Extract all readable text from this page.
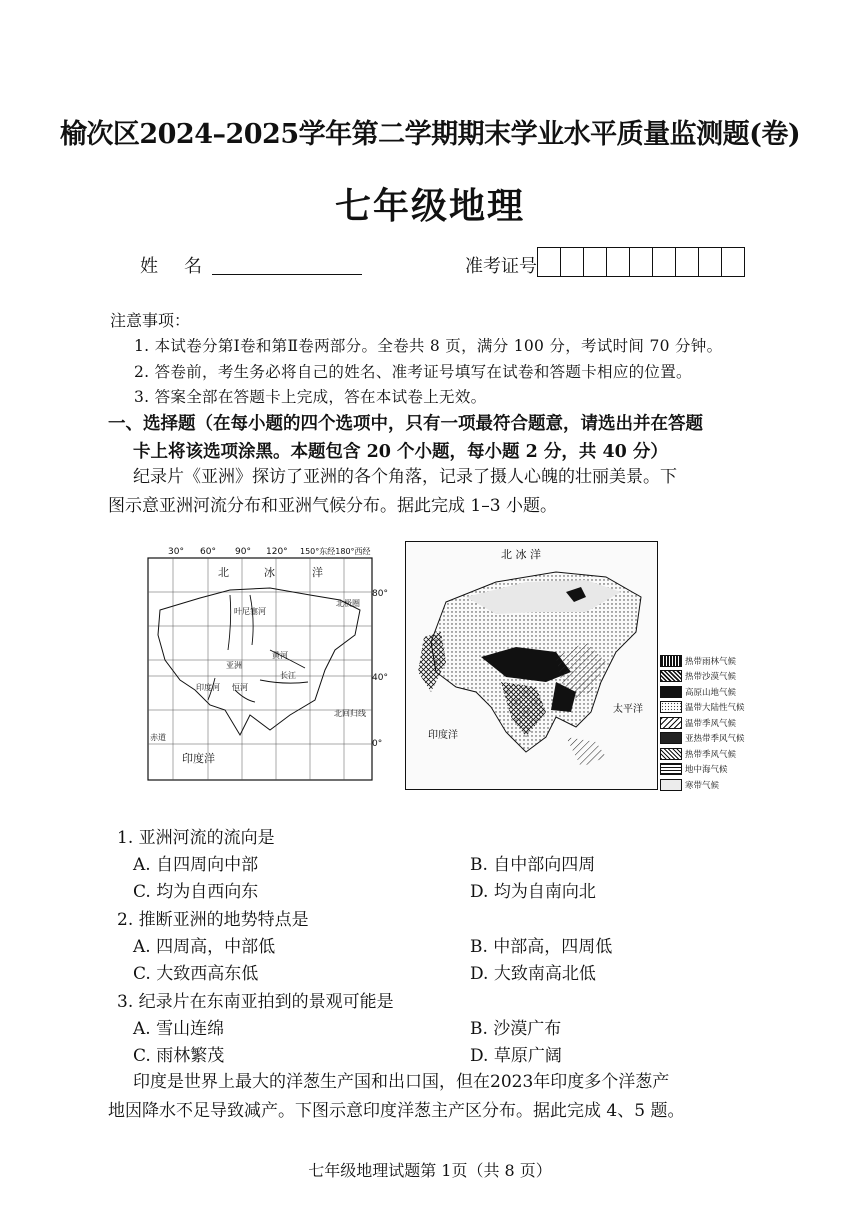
榆次区2024–2025学年第二学期期末学业水平质量监测题(卷)
七年级地理
姓名	准考证号
注意事项：
1. 本试卷分第Ⅰ卷和第Ⅱ卷两部分。全卷共 8 页，满分 100 分，考试时间 70 分钟。
2. 答卷前，考生务必将自己的姓名、准考证号填写在试卷和答题卡相应的位置。
3. 答案全部在答题卡上完成，答在本试卷上无效。
一、选择题（在每小题的四个选项中，只有一项最符合题意，请选出并在答题
卡上将该选项涂黑。本题包含 20 个小题，每小题 2 分，共 40 分）
纪录片《亚洲》探访了亚洲的各个角落，记录了摄人心魄的壮丽美景。下
图示意亚洲河流分布和亚洲气候分布。据此完成 1–3 小题。
30° 60° 90° 120° 150°东经180°西经
80°
40°
0°
北	冰	洋
印度洋
北极圈
北回归线
赤道
叶尼塞河
亚洲
黄河
长江
印度河 恒河
北 冰 洋
太平洋
印度洋
热带雨林气候
热带沙漠气候
高原山地气候
温带大陆性气候
温带季风气候
亚热带季风气候
热带季风气候
地中海气候
寒带气候
1. 亚洲河流的流向是
A. 自四周向中部	B. 自中部向四周
C. 均为自西向东	D. 均为自南向北
2. 推断亚洲的地势特点是
A. 四周高，中部低	B. 中部高，四周低
C. 大致西高东低	D. 大致南高北低
3. 纪录片在东南亚拍到的景观可能是
A. 雪山连绵	B. 沙漠广布
C. 雨林繁茂	D. 草原广阔
印度是世界上最大的洋葱生产国和出口国，但在2023年印度多个洋葱产
地因降水不足导致减产。下图示意印度洋葱主产区分布。据此完成 4、5 题。
七年级地理试题第 1页（共 8 页）
